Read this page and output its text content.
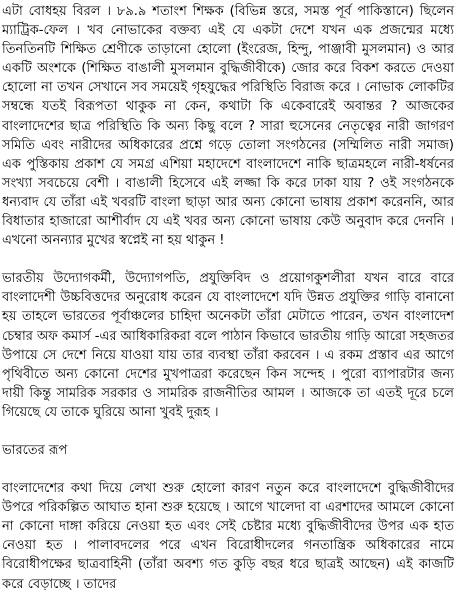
এটা বোধহয় বিরল । ৮৯.৯ শতাংশ শিক্ষক (বিভিন্ন স্তরে, সমস্ত পূর্ব পাকিস্তানে) ছিলেন ম্যাট্রিক-ফেল । খব নোভাকের বক্তব্য এই যে একটা দেশে যখন এক প্রজন্মের মধ্যে তিনতিনটি শিক্ষিত শ্রেণীকে তাড়ানো হোলো (ইংরেজ, হিন্দু, পাঞ্জাবী মুসলমান) ও আর একটি অংশকে (শিক্ষিত বাঙালী মুসলমান বুদ্ধিজীবীকে) জোর করে বিকশ করতে দেওয়া হোলো না তখন সেখানে সব সময়েই গৃহযুদ্ধের পরিস্থিতি বিরাজ করে । নোভাক লোকটির সম্বন্ধে যতই বিরূপতা থাকুক না কেন, কথাটা কি একেবারেই অবান্তর ? আজকের বাংলাদেশের ছাত্র পরিস্থিতি কি অন্য কিছু বলে ? সারা হুসেনের নেতৃত্বের নারী জাগরণ সমিতি এবং নারীদের অধিকারের প্রশ্নে গড়ে তোলা সংগঠনের (সম্মিলিত নারী সমাজ) এক পুস্তিকায় প্রকাশ যে সমগ্র এশিয়া মহাদেশে বাংলাদেশে নাকি ছাত্রমহলে নারী-ধর্ষনের সংখ্যা সবচেয়ে বেশী । বাঙালী হিসেবে এই লজ্জা কি করে ঢাকা যায় ? ওই সংগঠনকে ধন্যবাদ যে তাঁরা এই খবরটি বাংলা ছাড়া আর অন্য কোনো ভাষায় প্রকাশ করেননি, আর বিধাতার হাজারো আশীর্বাদ যে এই খবর অন্য কোনো ভাষায় কেউ অনুবাদ করে দেননি । এখনো অনন্যার মুখের স্বপ্নেই না হয় থাকুন !

ভারতীয় উদ্যোগকর্মী, উদ্যোগপতি, প্রযুক্তিবিদ ও প্রয়োগকুশলীরা যখন বারে বারে বাংলাদেশী উচ্চবিত্তদের অনুরোধ করেন যে বাংলাদেশে যদি উন্নত প্রযুক্তির গাড়ি বানানো হয় তাহলে ভারতের পূর্বাঞ্চলের চাহিদা অনেকটা তাঁরা মেটাতে পারেন, তখন বাংলাদেশ চেম্বার অফ কমার্স -এর আধিকারিকরা বলে পাঠান কিভাবে ভারতীয় গাড়ি আরো সহজতর উপায়ে সে দেশে নিয়ে যাওয়া যায় তার ব্যবস্থা তাঁরা করবেন । এ রকম প্রস্তাব এর আগে পৃথিবীতে অন্য কোনো দেশের মুখপাত্ররা করেছেন কিন সন্দেহ । পুরো ব্যাপারটার জন্য দায়ী কিন্তু সামরিক সরকার ও সামরিক রাজনীতির আমল । আজকে তা এতই দূরে চলে গিয়েছে যে তাকে ঘুরিয়ে আনা খুবই দুরূহ ।

ভারতের রূপ

বাংলাদেশের কথা দিয়ে লেখা শুরু হোলো কারণ নতুন করে বাংলাদেশে বুদ্ধিজীবীদের উপরে পরিকল্পিত আঘাত হানা শুরু হয়েছে । আগে খালেদা বা এরশাদের আমলে কোনো না কোনো দাঙ্গা করিয়ে নেওয়া হত এবং সেই চেষ্টার মধ্যে বুদ্ধিজীবীদের উপর এক হাত নেওয়া হত । পালাবদলের পরে এখন বিরোধীদলের গনতান্ত্রিক অধিকারের নামে বিরোধীপক্ষের ছাত্রবাহিনী (তাঁরা অবশ্য গত কুড়ি বছর ধরে ছাত্রই আছেন) এই কাজটি করে বেড়াচ্ছে । তাদের
